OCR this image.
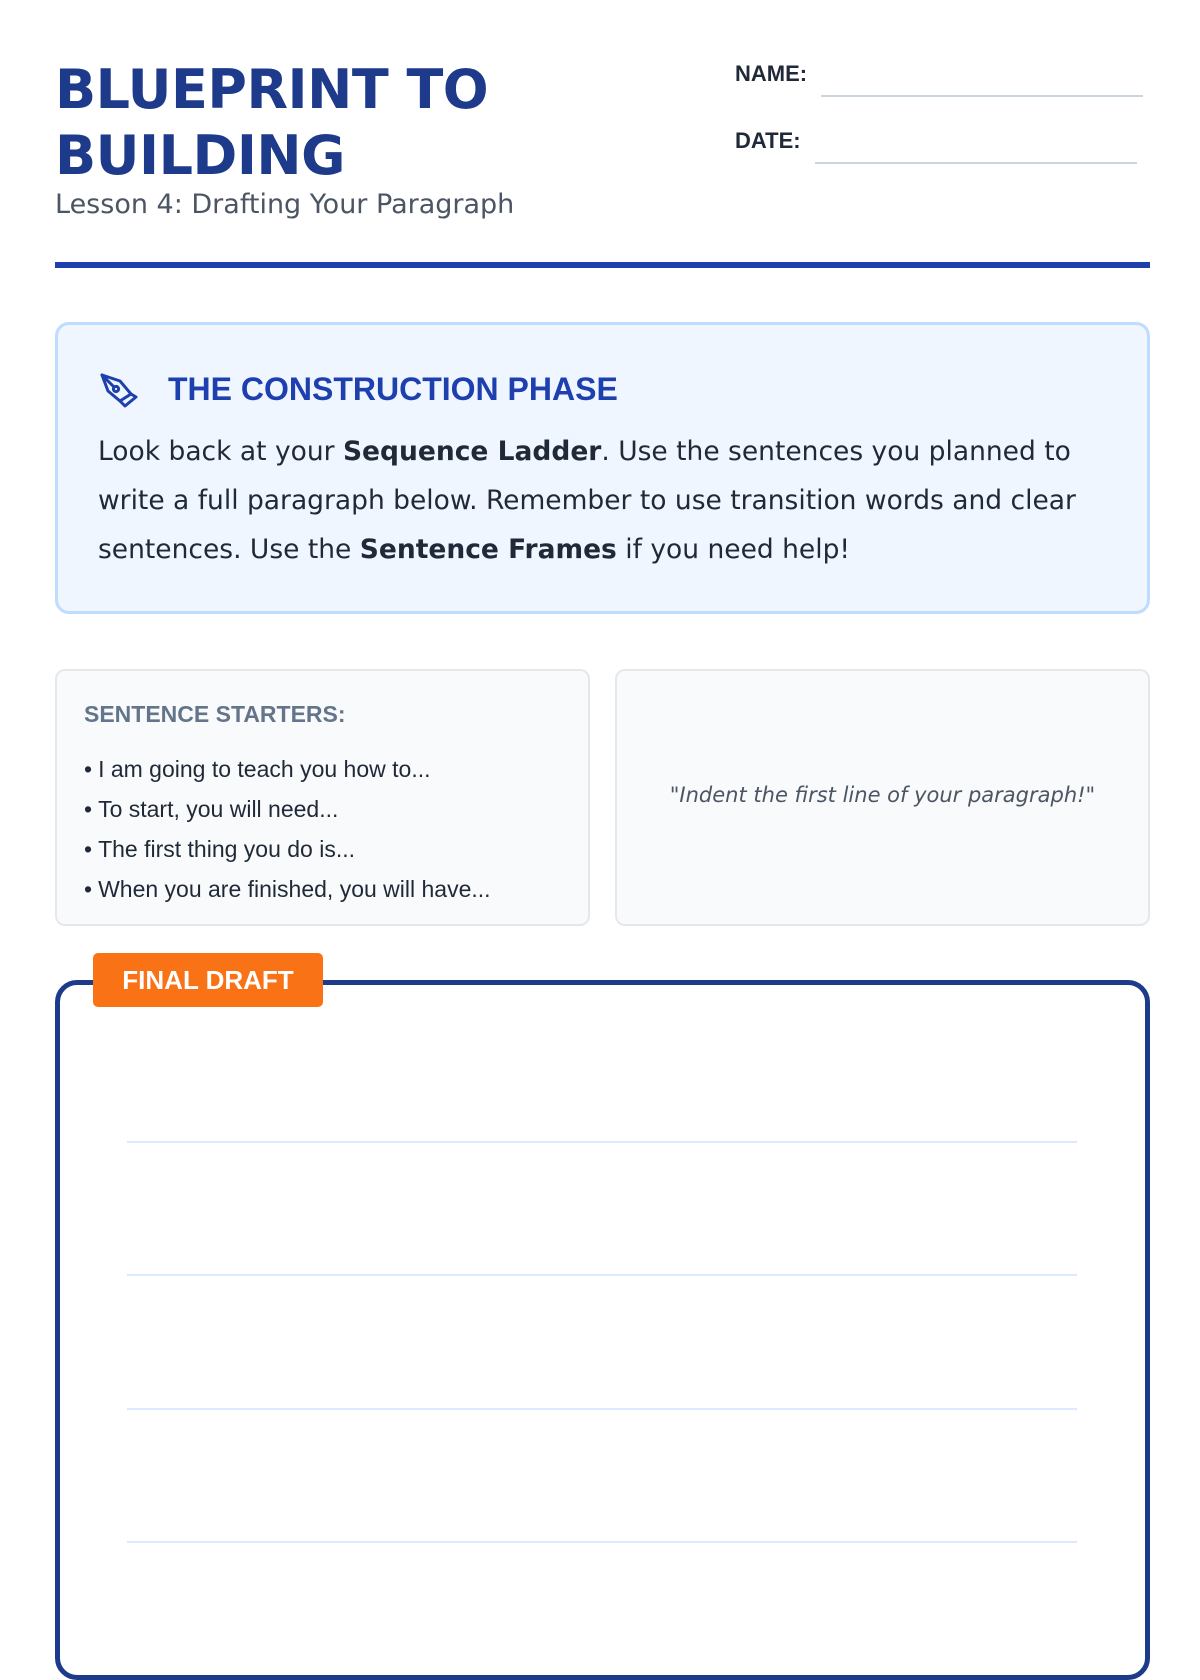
BLUEPRINT TO BUILDING
Lesson 4: Drafting Your Paragraph
NAME:
DATE:
THE CONSTRUCTION PHASE
Look back at your Sequence Ladder. Use the sentences you planned to write a full paragraph below. Remember to use transition words and clear sentences. Use the Sentence Frames if you need help!
SENTENCE STARTERS:
• I am going to teach you how to...
• To start, you will need...
• The first thing you do is...
• When you are finished, you will have...
"Indent the first line of your paragraph!"
FINAL DRAFT
